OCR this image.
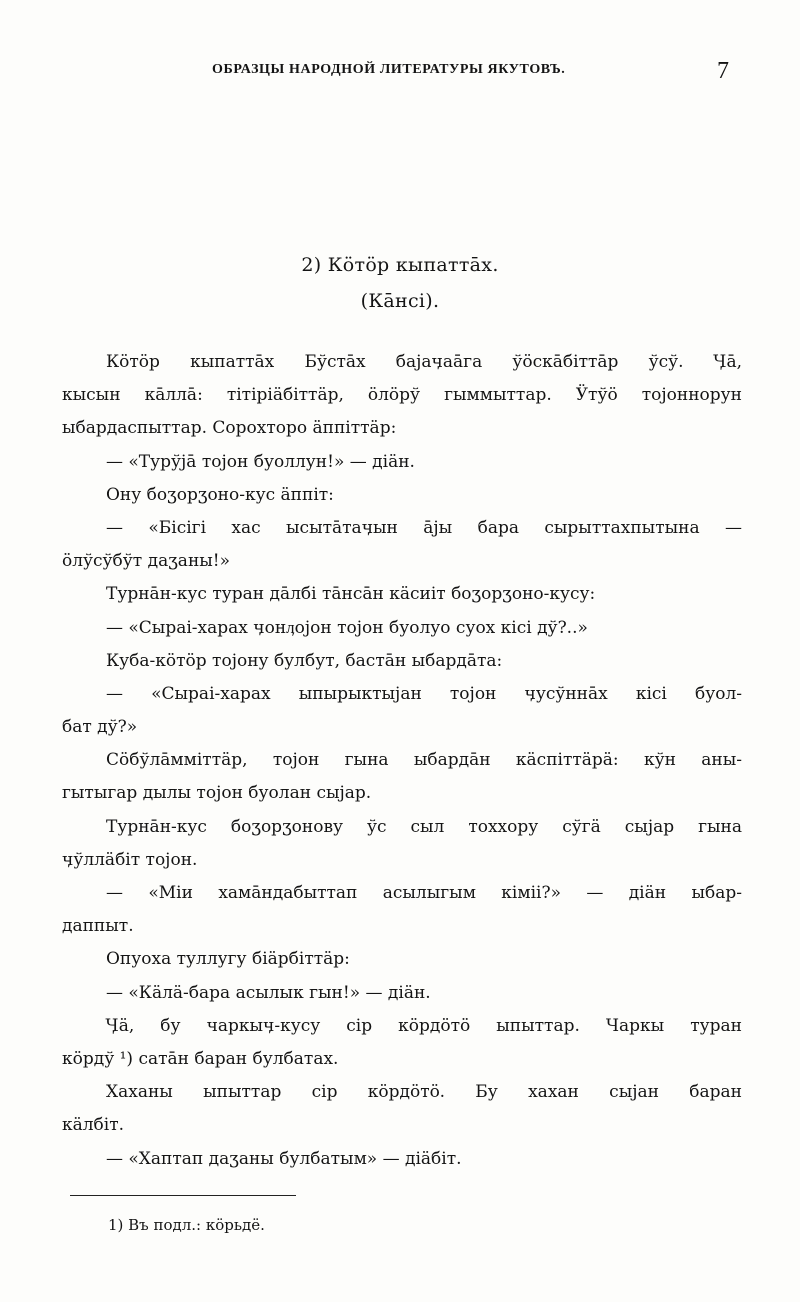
ОБРАЗЦЫ НАРОДНОЙ ЛИТЕРАТУРЫ ЯКУТОВЪ.	7
2) Кӧтӧр кыпаттāх.
(Кāнсі).
Кӧтӧр кыпаттāх Бўстāх баjаӌаāга ўӧскāбіттāр ўсў. Ӌā,
кысын кāллā: тітіріäбіттäр, öлöрў гыммыттар. Ӱтўӧ тоjоннорун
ыбардаспыттар. Сорохторо äппіттäр:
— «Турўjā тоjон буоллун!» — дiäн.
Ону боӡорӡоно-кус äппіт:
— «Бісігі хас ысытāтаӌын ājы бара сырыттахпытына —
öлўсўбўт даӡаны!»
Турнāн-кус туран дāлбі тāнсāн кäсиіт боӡорӡоно-кусу:
— «Сырaі-харах ӌонӆоjон тоjон буолуо суох кісі дў?..»
Куба-кӧтӧр тоjону булбут, бастāн ыбардāта:
— «Сырaі-харах ыпырыктыjан тоjон ӌусўннāх кісі буол-
бат дў?»
Сӧбўлāммiттäр, тоjон гына ыбардāн кäспіттäрä: кўн аны-
гытыгар дылы тоjон буолан сыjар.
Турнāн-кус боӡорӡонову ўс сыл тоххору сўгä сыjар гына
ӌўллäбіт тоjон.
— «Міи хамāндабыттап асылыгым кімiі?» — дiäн ыбар-
даппыт.
Опуоха туллугу біäрбіттäр:
— «Кäлä-бара асылык гын!» — дiäн.
Ӌä, бу чаркыӌ-кусу сір кöрдöтö ыпыттар. Чаркы туран
кöрдў ¹) сатāн баран булбатах.
Хаханы ыпыттар сір кöрдöтö. Бу хахан сыjан баран
кäлбіт.
— «Хаптап даӡаны булбатым» — дiäбіт.
1) Въ подл.: кöрьдё.
